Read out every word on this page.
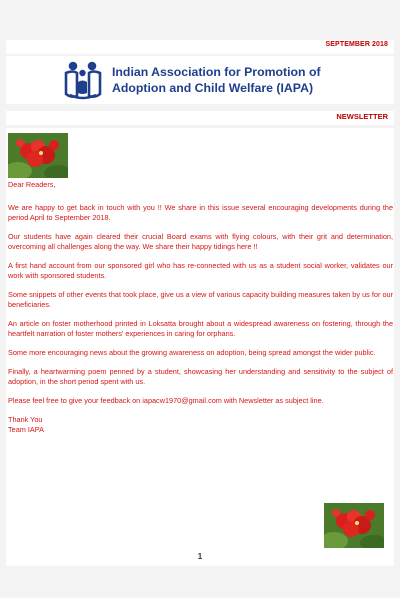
SEPTEMBER 2018
Indian Association for Promotion of
Adoption and Child Welfare (IAPA)
NEWSLETTER

Dear Readers,

We are happy to get back in touch with you !! We share in this issue several encouraging developments during the period April to September 2018.

Our students have again cleared their crucial Board exams with flying colours, with their grit and determination, overcoming all challenges along the way. We share their happy tidings here !!

A first hand account from our sponsored girl who has re-connected with us as a student social worker, validates our work with sponsored students.

Some snippets of other events that took place, give us a view of various capacity building measures taken by us for our beneficiaries.

An article on foster motherhood printed in Loksatta brought about a widespread awareness on fostering, through the heartfelt narration of foster mothers' experiences in caring for orphans.

Some more encouraging news about the growing awareness on adoption, being spread amongst the wider public.

Finally, a heartwarming poem penned by a student, showcasing her understanding and sensitivity to the subject of adoption, in the short period spent with us.

Please feel free to give your feedback on iapacw1970@gmail.com with Newsletter as subject line.

Thank You

Team IAPA

1
